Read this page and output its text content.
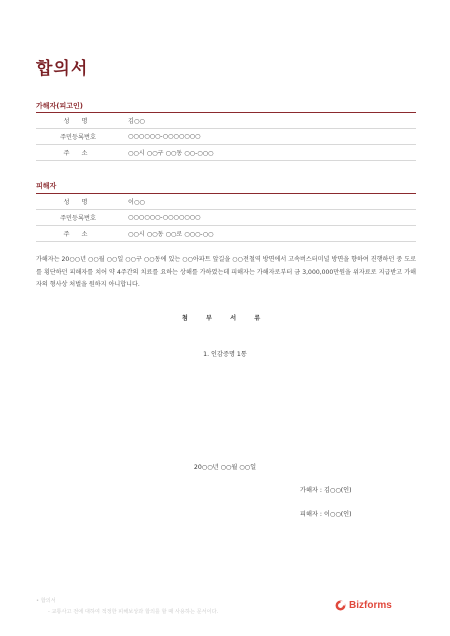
합의서
가해자(피고인)
성 명	김○○
주민등록번호	○○○○○○-○○○○○○○
주 소	○○시 ○○구 ○○동 ○○-○○○
피해자
성 명	이○○
주민등록번호	○○○○○○-○○○○○○○
주 소	○○시 ○○동 ○○로 ○○○-○○
가해자는 20○○년 ○○월 ○○일 ○○구 ○○동에 있는 ○○아파트 앞길을 ○○전철역 방면에서 고속버스터미널 방면을 향하여 진행하던 중 도로를 횡단하던 피해자를 치어 약 4주간의 치료를 요하는 상해를 가하였는데 피해자는 가해자로부터 금 3,000,000만원을 위자료로 지급받고 가해자의 형사상 처벌을 원하지 아니합니다.
첨 부 서 류
1. 인감증명 1통
20○○년 ○○월 ○○일
가해자 : 김○○(인)
피해자 : 이○○(인)
• 합의서
- 교통사고 전에 대하여 적정한 피해보상과 합의를 할 때 사용하는 문서이다.
Bizforms
